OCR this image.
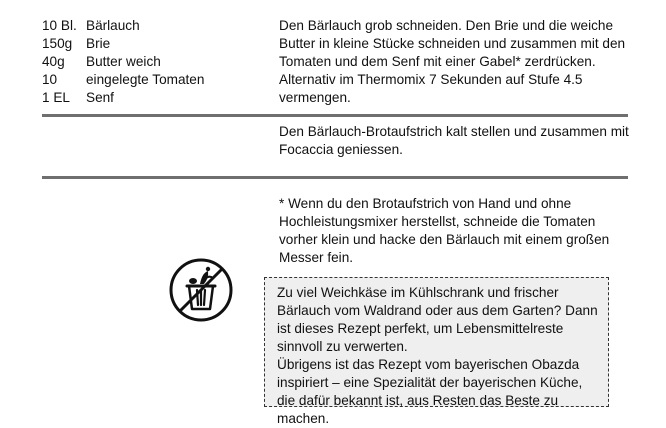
10 Bl. Bärlauch
150g	Brie
40g	Butter weich
10	eingelegte Tomaten
1 EL	Senf
Den Bärlauch grob schneiden. Den Brie und die weiche Butter in kleine Stücke schneiden und zusammen mit den Tomaten und dem Senf mit einer Gabel* zerdrücken. Alternativ im Thermomix 7 Sekunden auf Stufe 4.5 vermengen.
Den Bärlauch-Brotaufstrich kalt stellen und zusammen mit Focaccia geniessen.
* Wenn du den Brotaufstrich von Hand und ohne Hochleistungsmixer herstellst, schneide die Tomaten vorher klein und hacke den Bärlauch mit einem großen Messer fein.

Zu viel Weichkäse im Kühlschrank und frischer Bärlauch vom Waldrand oder aus dem Garten? Dann ist dieses Rezept perfekt, um Lebensmittelreste sinnvoll zu verwerten.

Übrigens ist das Rezept vom bayerischen Obazda inspiriert – eine Spezialität der bayerischen Küche, die dafür bekannt ist, aus Resten das Beste zu machen.
